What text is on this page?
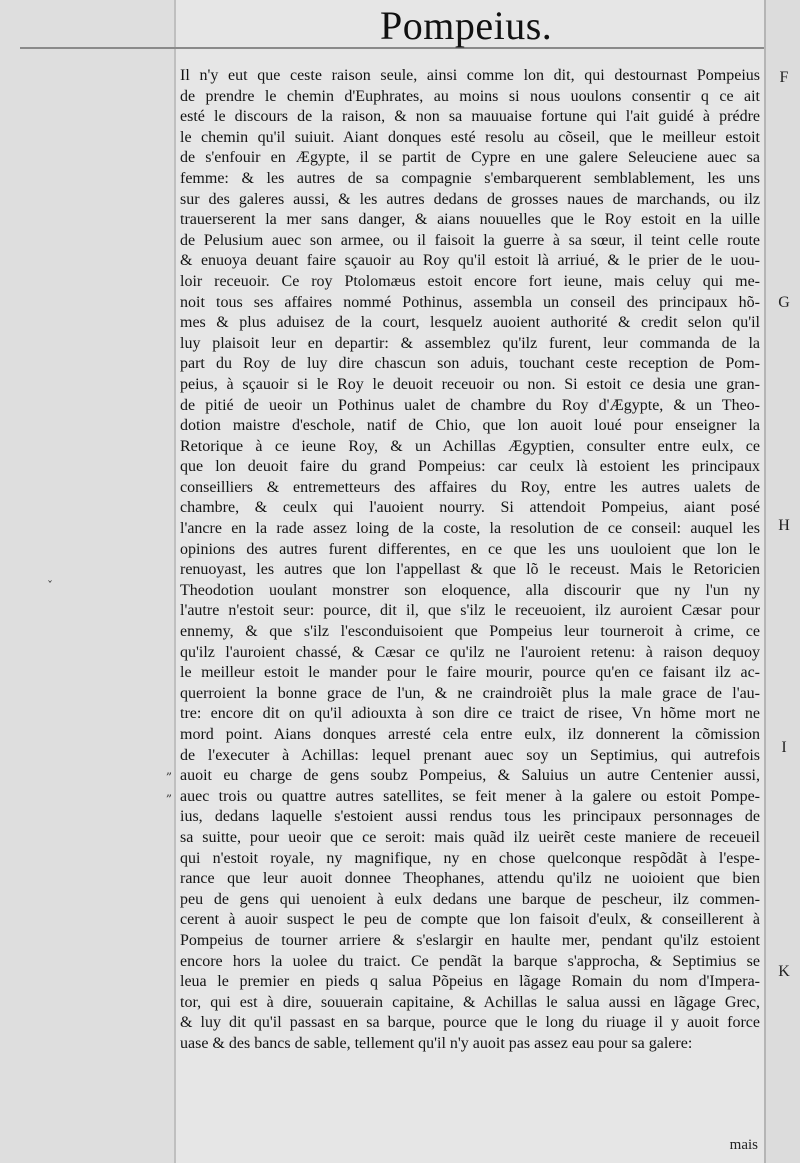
Pompeius.
Il n'y eut que ceste raison seule, ainsi comme lon dit, qui destournast Pompeius
de prendre le chemin d'Euphrates, au moins si nous uoulons consentir q ce ait
esté le discours de la raison, & non sa mauuaise fortune qui l'ait guidé à prédre
le chemin qu'il suiuit. Aiant donques esté resolu au cõseil, que le meilleur estoit
de s'enfouir en Ægypte, il se partit de Cypre en une galere Seleuciene auec sa
femme: & les autres de sa compagnie s'embarquerent semblablement, les uns
sur des galeres aussi, & les autres dedans de grosses naues de marchands, ou ilz
trauerserent la mer sans danger, & aians nouuelles que le Roy estoit en la uille
de Pelusium auec son armee, ou il faisoit la guerre à sa sœur, il teint celle route
& enuoya deuant faire sçauoir au Roy qu'il estoit là arriué, & le prier de le uou-
loir receuoir. Ce roy Ptolomæus estoit encore fort ieune, mais celuy qui me-
noit tous ses affaires nommé Pothinus, assembla un conseil des principaux hõ-
mes & plus aduisez de la court, lesquelz auoient authorité & credit selon qu'il
luy plaisoit leur en departir: & assemblez qu'ilz furent, leur commanda de la
part du Roy de luy dire chascun son aduis, touchant ceste reception de Pom-
peius, à sçauoir si le Roy le deuoit receuoir ou non. Si estoit ce desia une gran-
de pitié de ueoir un Pothinus ualet de chambre du Roy d'Ægypte, & un Theo-
dotion maistre d'eschole, natif de Chio, que lon auoit loué pour enseigner la
Retorique à ce ieune Roy, & un Achillas Ægyptien, consulter entre eulx, ce
que lon deuoit faire du grand Pompeius: car ceulx là estoient les principaux
conseilliers & entremetteurs des affaires du Roy, entre les autres ualets de
chambre, & ceulx qui l'auoient nourry. Si attendoit Pompeius, aiant posé
l'ancre en la rade assez loing de la coste, la resolution de ce conseil: auquel les
opinions des autres furent differentes, en ce que les uns uouloient que lon le
renuoyast, les autres que lon l'appellast & que lõ le receust. Mais le Retoricien
Theodotion uoulant monstrer son eloquence, alla discourir que ny l'un ny
l'autre n'estoit seur: pource, dit il, que s'ilz le receuoient, ilz auroient Cæsar pour
ennemy, & que s'ilz l'esconduisoient que Pompeius leur tourneroit à crime, ce
qu'ilz l'auroient chassé, & Cæsar ce qu'ilz ne l'auroient retenu: à raison dequoy
le meilleur estoit le mander pour le faire mourir, pource qu'en ce faisant ilz ac-
querroient la bonne grace de l'un, & ne craindroiẽt plus la male grace de l'au-
tre: encore dit on qu'il adiouxta à son dire ce traict de risee, Vn hõme mort ne
mord point. Aians donques arresté cela entre eulx, ilz donnerent la cõmission
de l'executer à Achillas: lequel prenant auec soy un Septimius, qui autrefois
auoit eu charge de gens soubz Pompeius, & Saluius un autre Centenier aussi,
auec trois ou quattre autres satellites, se feit mener à la galere ou estoit Pompe-
ius, dedans laquelle s'estoient aussi rendus tous les principaux personnages de
sa suitte, pour ueoir que ce seroit: mais quãd ilz ueirẽt ceste maniere de receueil
qui n'estoit royale, ny magnifique, ny en chose quelconque respõdãt à l'espe-
rance que leur auoit donnee Theophanes, attendu qu'ilz ne uoioient que bien
peu de gens qui uenoient à eulx dedans une barque de pescheur, ilz commen-
cerent à auoir suspect le peu de compte que lon faisoit d'eulx, & conseillerent à
Pompeius de tourner arriere & s'eslargir en haulte mer, pendant qu'ilz estoient
encore hors la uolee du traict. Ce pendãt la barque s'approcha, & Septimius se
leua le premier en pieds q salua Põpeius en lãgage Romain du nom d'Impera-
tor, qui est à dire, souuerain capitaine, & Achillas le salua aussi en lãgage Grec,
& luy dit qu'il passast en sa barque, pource que le long du riuage il y auoit force
uase & des bancs de sable, tellement qu'il n'y auoit pas assez eau pour sa galere:
F
G
H
I
K
ˇ
„
„
mais
